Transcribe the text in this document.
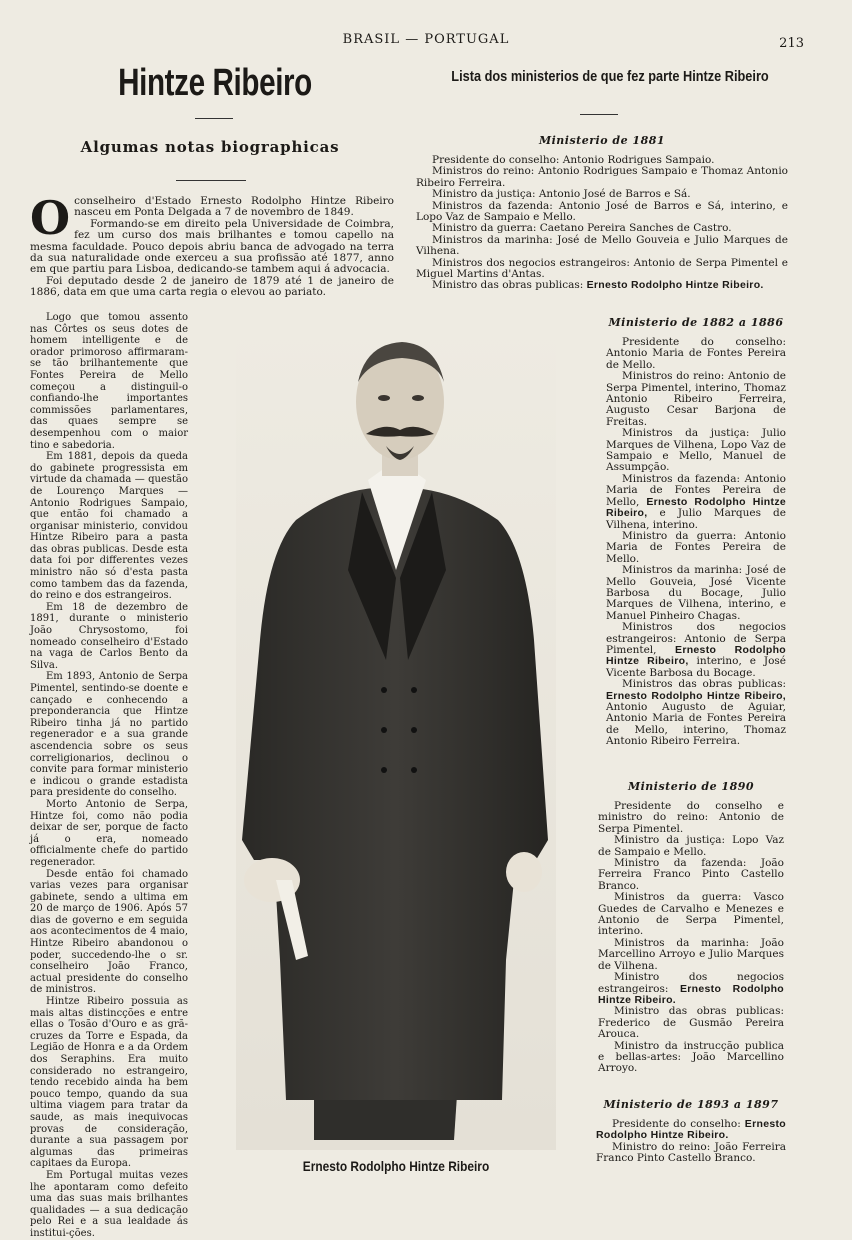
BRASIL — PORTUGAL	213
Hintze Ribeiro
Algumas notas biographicas
O conselheiro d'Estado Ernesto Rodolpho Hintze Ribeiro nasceu em Ponta Delgada a 7 de novembro de 1849.

Formando-se em direito pela Universidade de Coimbra, fez um curso dos mais brilhantes e tomou capello na mesma faculdade. Pouco depois abriu banca de advogado na terra da sua naturalidade onde exerceu a sua profissão até 1877, anno em que partiu para Lisboa, dedicando-se tambem aqui á advocacia.

Foi deputado desde 2 de janeiro de 1879 até 1 de janeiro de 1886, data em que uma carta regia o elevou ao pariato.

Logo que tomou assento nas Côrtes os seus dotes de homem intelligente e de orador primoroso affirmaram-se tão brilhantemente que Fontes Pereira de Mello começou a distinguil-o confiando-lhe importantes commissões parlamentares, das quaes sempre se desempenhou com o maior tino e sabedoria.

Em 1881, depois da queda do gabinete progressista em virtude da chamada — questão de Lourenço Marques — Antonio Rodrigues Sampaio, que então foi chamado a organisar ministerio, convidou Hintze Ribeiro para a pasta das obras publicas. Desde esta data foi por differentes vezes ministro não só d'esta pasta como tambem das da fazenda, do reino e dos estrangeiros.

Em 18 de dezembro de 1891, durante o ministerio João Chrysostomo, foi nomeado conselheiro d'Estado na vaga de Carlos Bento da Silva.

Em 1893, Antonio de Serpa Pimentel, sentindo-se doente e cançado e conhecendo a preponderancia que Hintze Ribeiro tinha já no partido regenerador e a sua grande ascendencia sobre os seus correligionarios, declinou o convite para formar ministerio e indicou o grande estadista para presidente do conselho.

Morto Antonio de Serpa, Hintze foi, como não podia deixar de ser, porque de facto já o era, nomeado officialmente chefe do partido regenerador.

Desde então foi chamado varias vezes para organisar gabinete, sendo a ultima em 20 de março de 1906. Após 57 dias de governo e em seguida aos acontecimentos de 4 maio, Hintze Ribeiro abandonou o poder, succedendo-lhe o sr. conselheiro João Franco, actual presidente do conselho de ministros.

Hintze Ribeiro possuia as mais altas distincções e entre ellas o Tosão d'Ouro e as grã-cruzes da Torre e Espada, da Legião de Honra e a da Ordem dos Seraphins. Era muito considerado no estrangeiro, tendo recebido ainda ha bem pouco tempo, quando da sua ultima viagem para tratar da saude, as mais inequivocas provas de consideração, durante a sua passagem por algumas das primeiras capitaes da Europa.

Em Portugal muitas vezes lhe apontaram como defeito uma das suas mais brilhantes qualidades — a sua dedicação pelo Rei e a sua lealdade ás institui-ções.

Ernesto Rodolpho Hintze Ribeiro
Lista dos ministerios de que fez parte Hintze Ribeiro
Ministerio de 1881

Presidente do conselho: Antonio Rodrigues Sampaio.

Ministros do reino: Antonio Rodrigues Sampaio e Thomaz Antonio Ribeiro Ferreira.

Ministro da justiça: Antonio José de Barros e Sá.

Ministros da fazenda: Antonio José de Barros e Sá, interino, e Lopo Vaz de Sampaio e Mello.

Ministro da guerra: Caetano Pereira Sanches de Castro.

Ministros da marinha: José de Mello Gouveia e Julio Marques de Vilhena.

Ministros dos negocios estrangeiros: Antonio de Serpa Pimentel e Miguel Martins d'Antas.

Ministro das obras publicas: Ernesto Rodolpho Hintze Ribeiro.

Ministerio de 1882 a 1886

Presidente do conselho: Antonio Maria de Fontes Pereira de Mello.

Ministros do reino: Antonio de Serpa Pimentel, interino, Thomaz Antonio Ribeiro Ferreira, Augusto Cesar Barjona de Freitas.

Ministros da justiça: Julio Marques de Vilhena, Lopo Vaz de Sampaio e Mello, Manuel de Assumpção.

Ministros da fazenda: Antonio Maria de Fontes Pereira de Mello, Ernesto Rodolpho Hintze Ribeiro, e Julio Marques de Vilhena, interino.

Ministro da guerra: Antonio Maria de Fontes Pereira de Mello.

Ministros da marinha: José de Mello Gouveia, José Vicente Barbosa du Bocage, Julio Marques de Vilhena, interino, e Manuel Pinheiro Chagas.

Ministros dos negocios estrangeiros: Antonio de Serpa Pimentel, Ernesto Rodolpho Hintze Ribeiro, interino, e José Vicente Barbosa du Bocage.

Ministros das obras publicas: Ernesto Rodolpho Hintze Ribeiro, Antonio Augusto de Aguiar, Antonio Maria de Fontes Pereira de Mello, interino, Thomaz Antonio Ribeiro Ferreira.

Ministerio de 1890

Presidente do conselho e ministro do reino: Antonio de Serpa Pimentel.

Ministro da justiça: Lopo Vaz de Sampaio e Mello.

Ministro da fazenda: João Ferreira Franco Pinto Castello Branco.

Ministros da guerra: Vasco Guedes de Carvalho e Menezes e Antonio de Serpa Pimentel, interino.

Ministros da marinha: João Marcellino Arroyo e Julio Marques de Vilhena.

Ministro dos negocios estrangeiros: Ernesto Rodolpho Hintze Ribeiro.

Ministro das obras publicas: Frederico de Gusmão Pereira Arouca.

Ministro da instrucção publica e bellas-artes: João Marcellino Arroyo.

Ministerio de 1893 a 1897

Presidente do conselho: Ernesto Rodolpho Hintze Ribeiro.

Ministro do reino: João Ferreira Franco Pinto Castello Branco.
